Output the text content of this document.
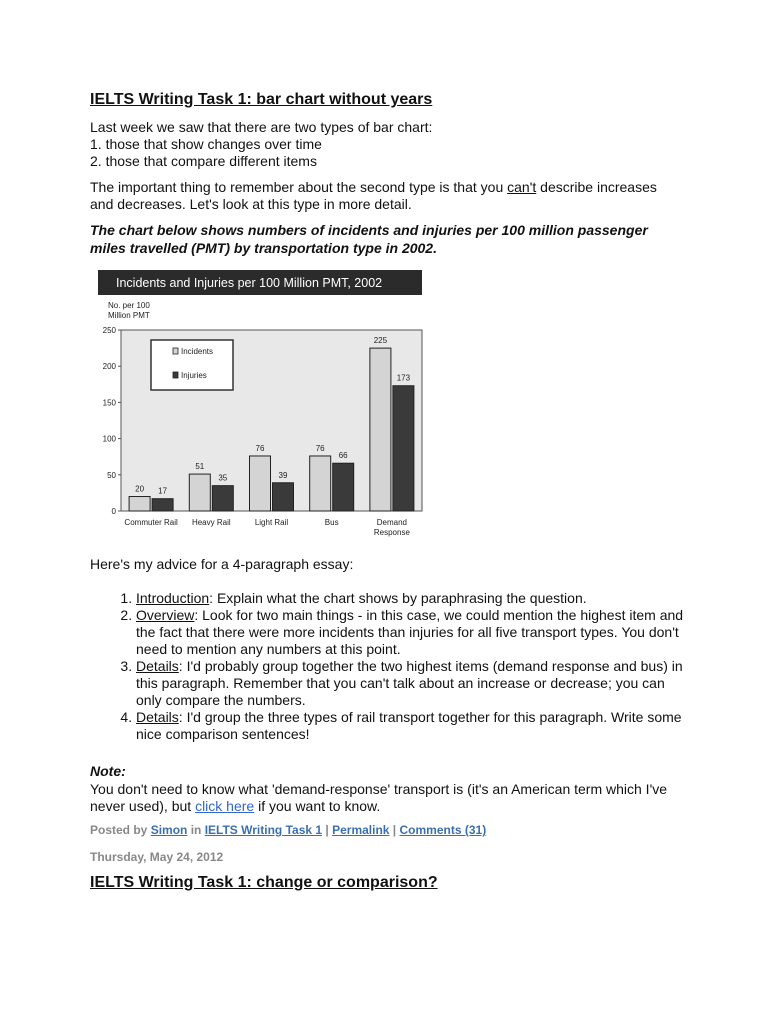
IELTS Writing Task 1: bar chart without years

Last week we saw that there are two types of bar chart:

1. those that show changes over time

2. those that compare different items

The important thing to remember about the second type is that you can't describe increases and decreases. Let's look at this type in more detail.

The chart below shows numbers of incidents and injuries per 100 million passenger miles travelled (PMT) by transportation type in 2002.
Incidents and Injuries per 100 Million PMT, 2002
No. per 100
Million PMT
0
50
100
150
200
250
20 17
51
35
76
39
76
66
225
173
Commuter Rail Heavy Rail	Light Rail	Bus	Demand
Response
Incidents
Injuries

Here's my advice for a 4-paragraph essay:

1. Introduction: Explain what the chart shows by paraphrasing the question.
2. Overview: Look for two main things - in this case, we could mention the highest item and the fact that there were more incidents than injuries for all five transport types. You don't need to mention any numbers at this point.
3. Details: I'd probably group together the two highest items (demand response and bus) in this paragraph. Remember that you can't talk about an increase or decrease; you can only compare the numbers.
4. Details: I'd group the three types of rail transport together for this paragraph. Write some nice comparison sentences!
Note:

You don't need to know what 'demand-response' transport is (it's an American term which I've never used), but click here if you want to know.

Posted by Simon in IELTS Writing Task 1 | Permalink | Comments (31)
Thursday, May 24, 2012
IELTS Writing Task 1: change or comparison?
